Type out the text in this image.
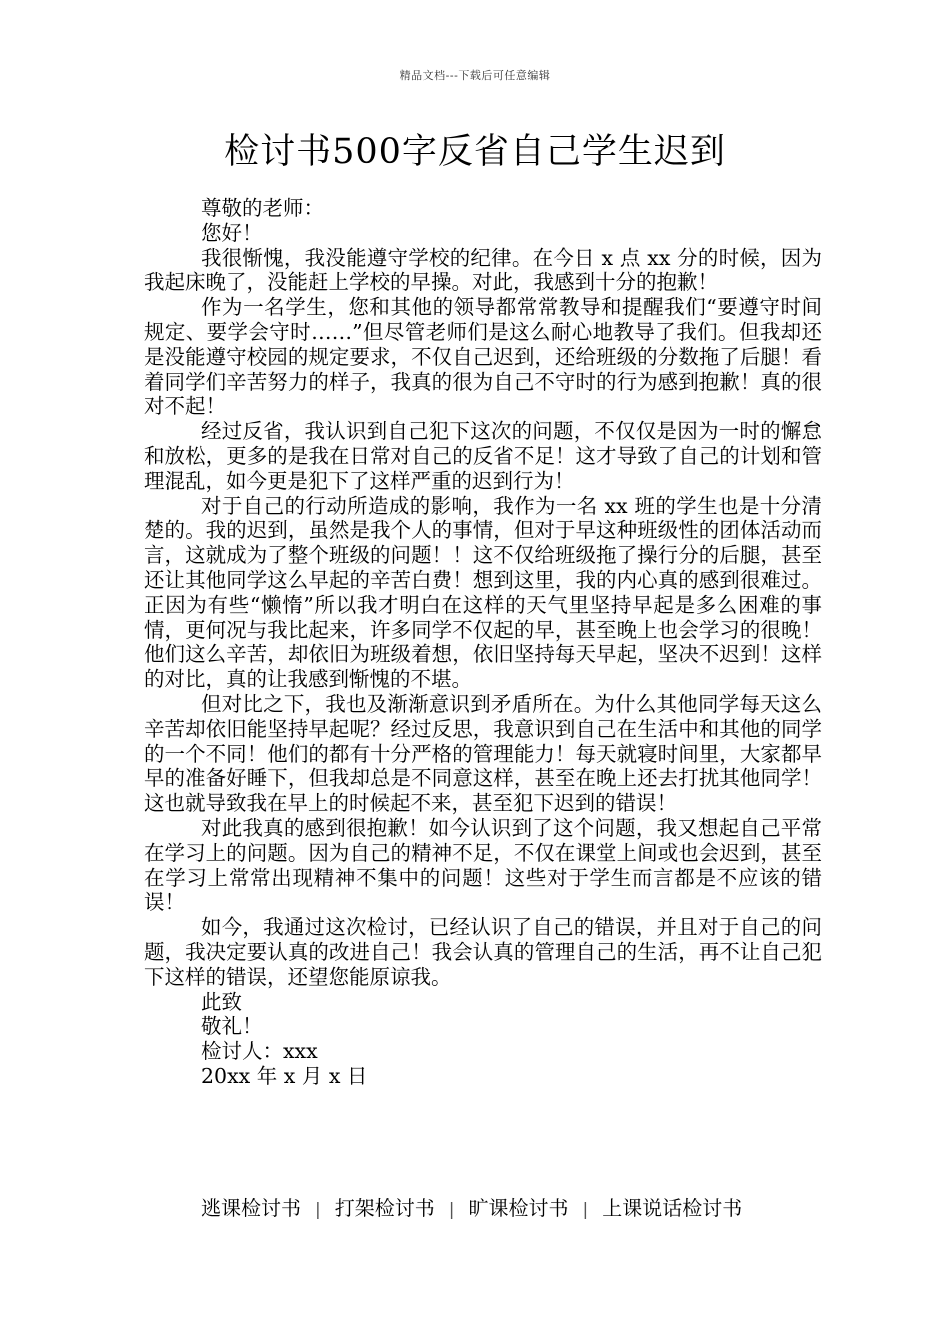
精品文档---下载后可任意编辑
检讨书500字反省自己学生迟到

尊敬的老师：

您好！

我很惭愧，我没能遵守学校的纪律。在今日 x 点 xx 分的时候，因为我起床晚了，没能赶上学校的早操。对此，我感到十分的抱歉！

作为一名学生，您和其他的领导都常常教导和提醒我们“要遵守时间规定、要学会守时……”但尽管老师们是这么耐心地教导了我们。但我却还是没能遵守校园的规定要求，不仅自己迟到，还给班级的分数拖了后腿！看着同学们辛苦努力的样子，我真的很为自己不守时的行为感到抱歉！真的很对不起！

经过反省，我认识到自己犯下这次的问题，不仅仅是因为一时的懈怠和放松，更多的是我在日常对自己的反省不足！这才导致了自己的计划和管理混乱，如今更是犯下了这样严重的迟到行为！

对于自己的行动所造成的影响，我作为一名 xx 班的学生也是十分清楚的。我的迟到，虽然是我个人的事情，但对于早这种班级性的团体活动而言，这就成为了整个班级的问题！！这不仅给班级拖了操行分的后腿，甚至还让其他同学这么早起的辛苦白费！想到这里，我的内心真的感到很难过。正因为有些“懒惰”所以我才明白在这样的天气里坚持早起是多么困难的事情，更何况与我比起来，许多同学不仅起的早，甚至晚上也会学习的很晚！他们这么辛苦，却依旧为班级着想，依旧坚持每天早起，坚决不迟到！这样的对比，真的让我感到惭愧的不堪。

但对比之下，我也及渐渐意识到矛盾所在。为什么其他同学每天这么辛苦却依旧能坚持早起呢？经过反思，我意识到自己在生活中和其他的同学的一个不同！他们的都有十分严格的管理能力！每天就寝时间里，大家都早早的准备好睡下，但我却总是不同意这样，甚至在晚上还去打扰其他同学！这也就导致我在早上的时候起不来，甚至犯下迟到的错误！

对此我真的感到很抱歉！如今认识到了这个问题，我又想起自己平常在学习上的问题。因为自己的精神不足，不仅在课堂上间或也会迟到，甚至在学习上常常出现精神不集中的问题！这些对于学生而言都是不应该的错误！

如今，我通过这次检讨，已经认识了自己的错误，并且对于自己的问题，我决定要认真的改进自己！我会认真的管理自己的生活，再不让自己犯下这样的错误，还望您能原谅我。

此致

敬礼！

检讨人：xxx

20xx 年 x 月 x 日

逃课检讨书 | 打架检讨书 | 旷课检讨书 | 上课说话检讨书
